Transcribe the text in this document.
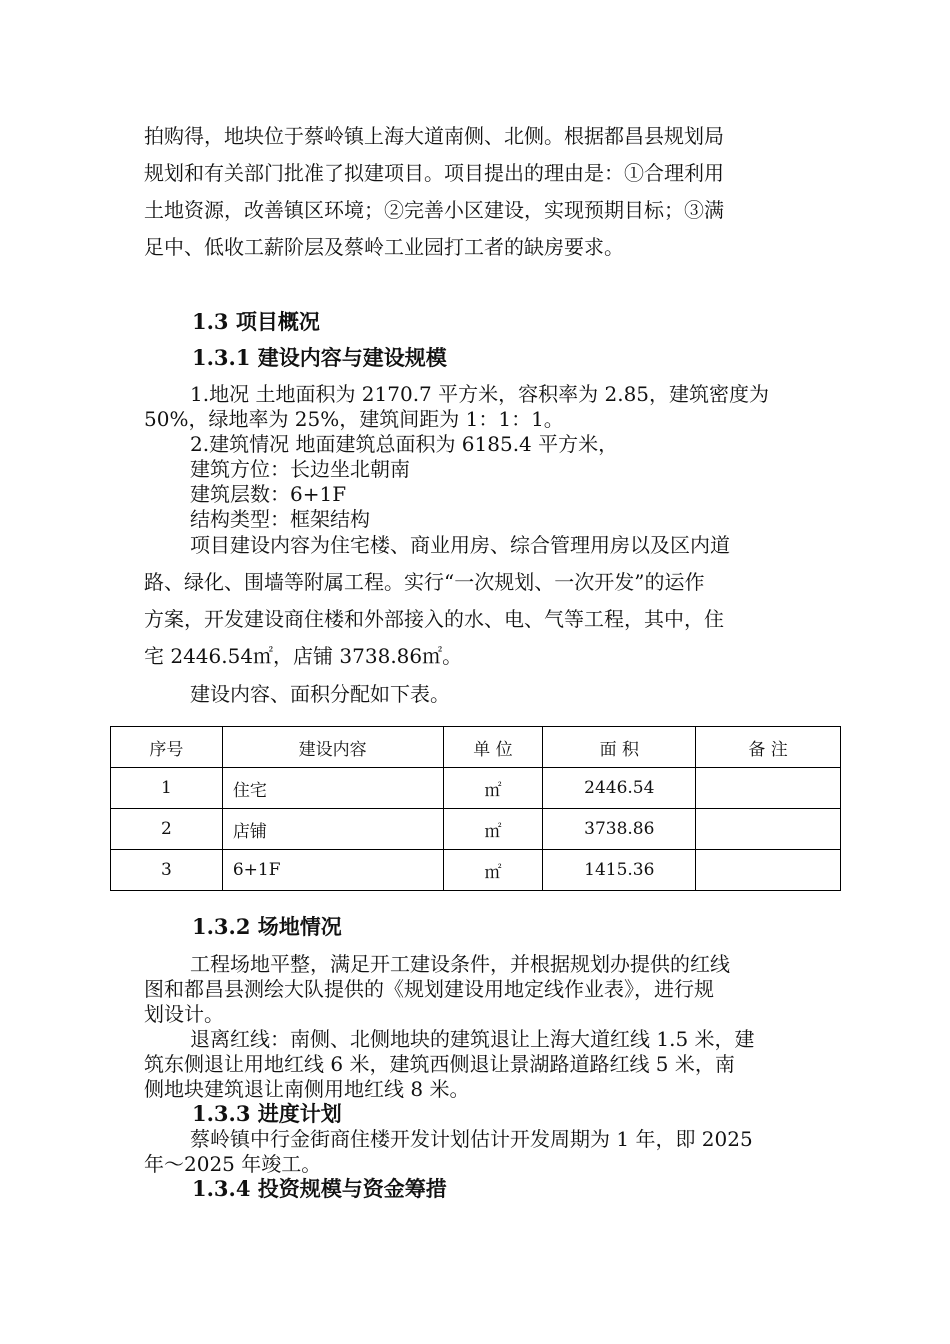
拍购得，地块位于蔡岭镇上海大道南侧、北侧。根据都昌县规划局
规划和有关部门批准了拟建项目。项目提出的理由是：①合理利用
土地资源，改善镇区环境；②完善小区建设，实现预期目标；③满
足中、低收工薪阶层及蔡岭工业园打工者的缺房要求。
1.3 项目概况
1.3.1 建设内容与建设规模
1.地况 土地面积为 2170.7 平方米，容积率为 2.85，建筑密度为
50%，绿地率为 25%，建筑间距为 1：1：1。
2.建筑情况 地面建筑总面积为 6185.4 平方米，
建筑方位：长边坐北朝南
建筑层数：6+1F
结构类型：框架结构
项目建设内容为住宅楼、商业用房、综合管理用房以及区内道
路、绿化、围墙等附属工程。实行“一次规划、一次开发”的运作
方案，开发建设商住楼和外部接入的水、电、气等工程，其中，住
宅 2446.54㎡，店铺 3738.86㎡。
建设内容、面积分配如下表。
序号	建设内容	单 位	面 积	备 注
1	住宅	㎡	2446.54	
2	店铺	㎡	3738.86	
3	6+1F	㎡	1415.36	
1.3.2 场地情况
工程场地平整，满足开工建设条件，并根据规划办提供的红线
图和都昌县测绘大队提供的《规划建设用地定线作业表》，进行规
划设计。
退离红线：南侧、北侧地块的建筑退让上海大道红线 1.5 米，建
筑东侧退让用地红线 6 米，建筑西侧退让景湖路道路红线 5 米，南
侧地块建筑退让南侧用地红线 8 米。
1.3.3 进度计划
蔡岭镇中行金街商住楼开发计划估计开发周期为 1 年，即 2025
年～2025 年竣工。
1.3.4 投资规模与资金筹措
